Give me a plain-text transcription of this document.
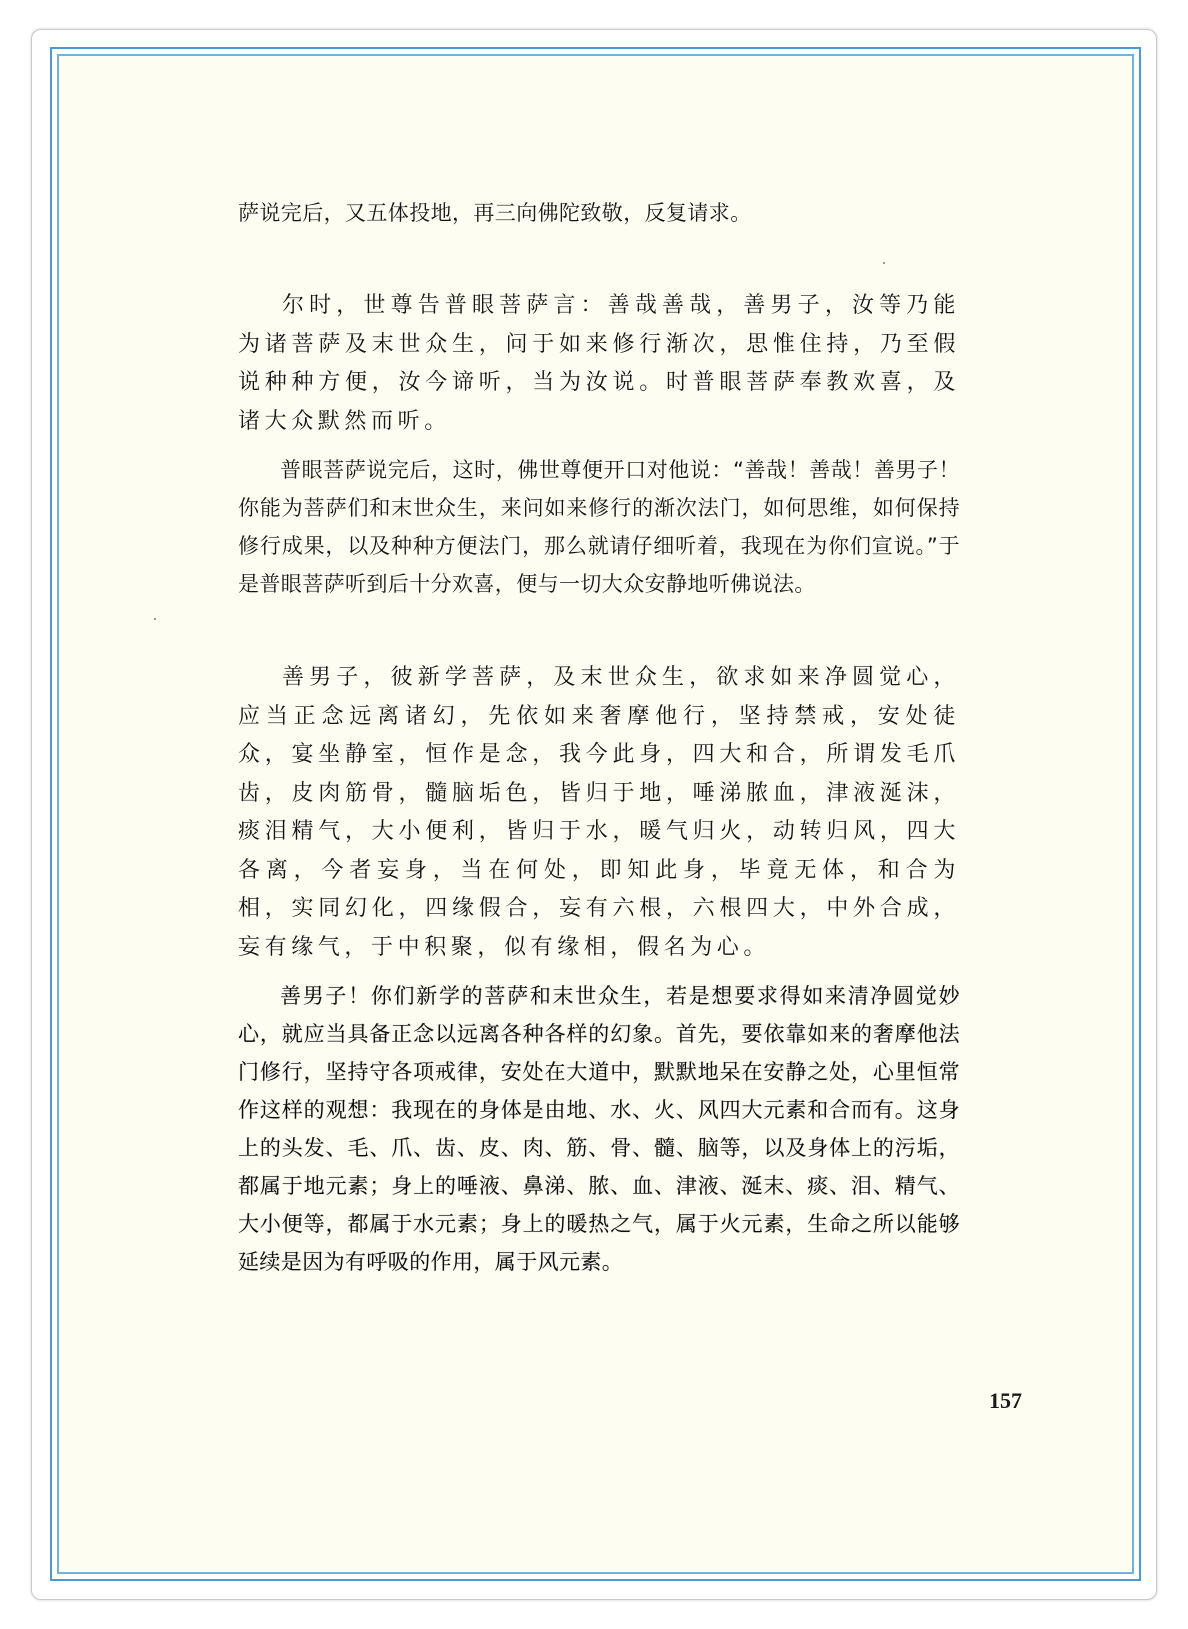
萨说完后，又五体投地，再三向佛陀致敬，反复请求。

尔时，世尊告普眼菩萨言：善哉善哉，善男子，汝等乃能为诸菩萨及末世众生，问于如来修行渐次，思惟住持，乃至假说种种方便，汝今谛听，当为汝说。时普眼菩萨奉教欢喜，及诸大众默然而听。

普眼菩萨说完后，这时，佛世尊便开口对他说：“善哉！善哉！善男子！你能为菩萨们和末世众生，来问如来修行的渐次法门，如何思维，如何保持修行成果，以及种种方便法门，那么就请仔细听着，我现在为你们宣说。”于是普眼菩萨听到后十分欢喜，便与一切大众安静地听佛说法。

善男子，彼新学菩萨，及末世众生，欲求如来净圆觉心，应当正念远离诸幻，先依如来奢摩他行，坚持禁戒，安处徒众，宴坐静室，恒作是念，我今此身，四大和合，所谓发毛爪齿，皮肉筋骨，髓脑垢色，皆归于地，唾涕脓血，津液涎沫，痰泪精气，大小便利，皆归于水，暖气归火，动转归风，四大各离，今者妄身，当在何处，即知此身，毕竟无体，和合为相，实同幻化，四缘假合，妄有六根，六根四大，中外合成，妄有缘气，于中积聚，似有缘相，假名为心。

善男子！你们新学的菩萨和末世众生，若是想要求得如来清净圆觉妙心，就应当具备正念以远离各种各样的幻象。首先，要依靠如来的奢摩他法门修行，坚持守各项戒律，安处在大道中，默默地呆在安静之处，心里恒常作这样的观想：我现在的身体是由地、水、火、风四大元素和合而有。这身上的头发、毛、爪、齿、皮、肉、筋、骨、髓、脑等，以及身体上的污垢，都属于地元素；身上的唾液、鼻涕、脓、血、津液、涎末、痰、泪、精气、大小便等，都属于水元素；身上的暖热之气，属于火元素，生命之所以能够延续是因为有呼吸的作用，属于风元素。

157
